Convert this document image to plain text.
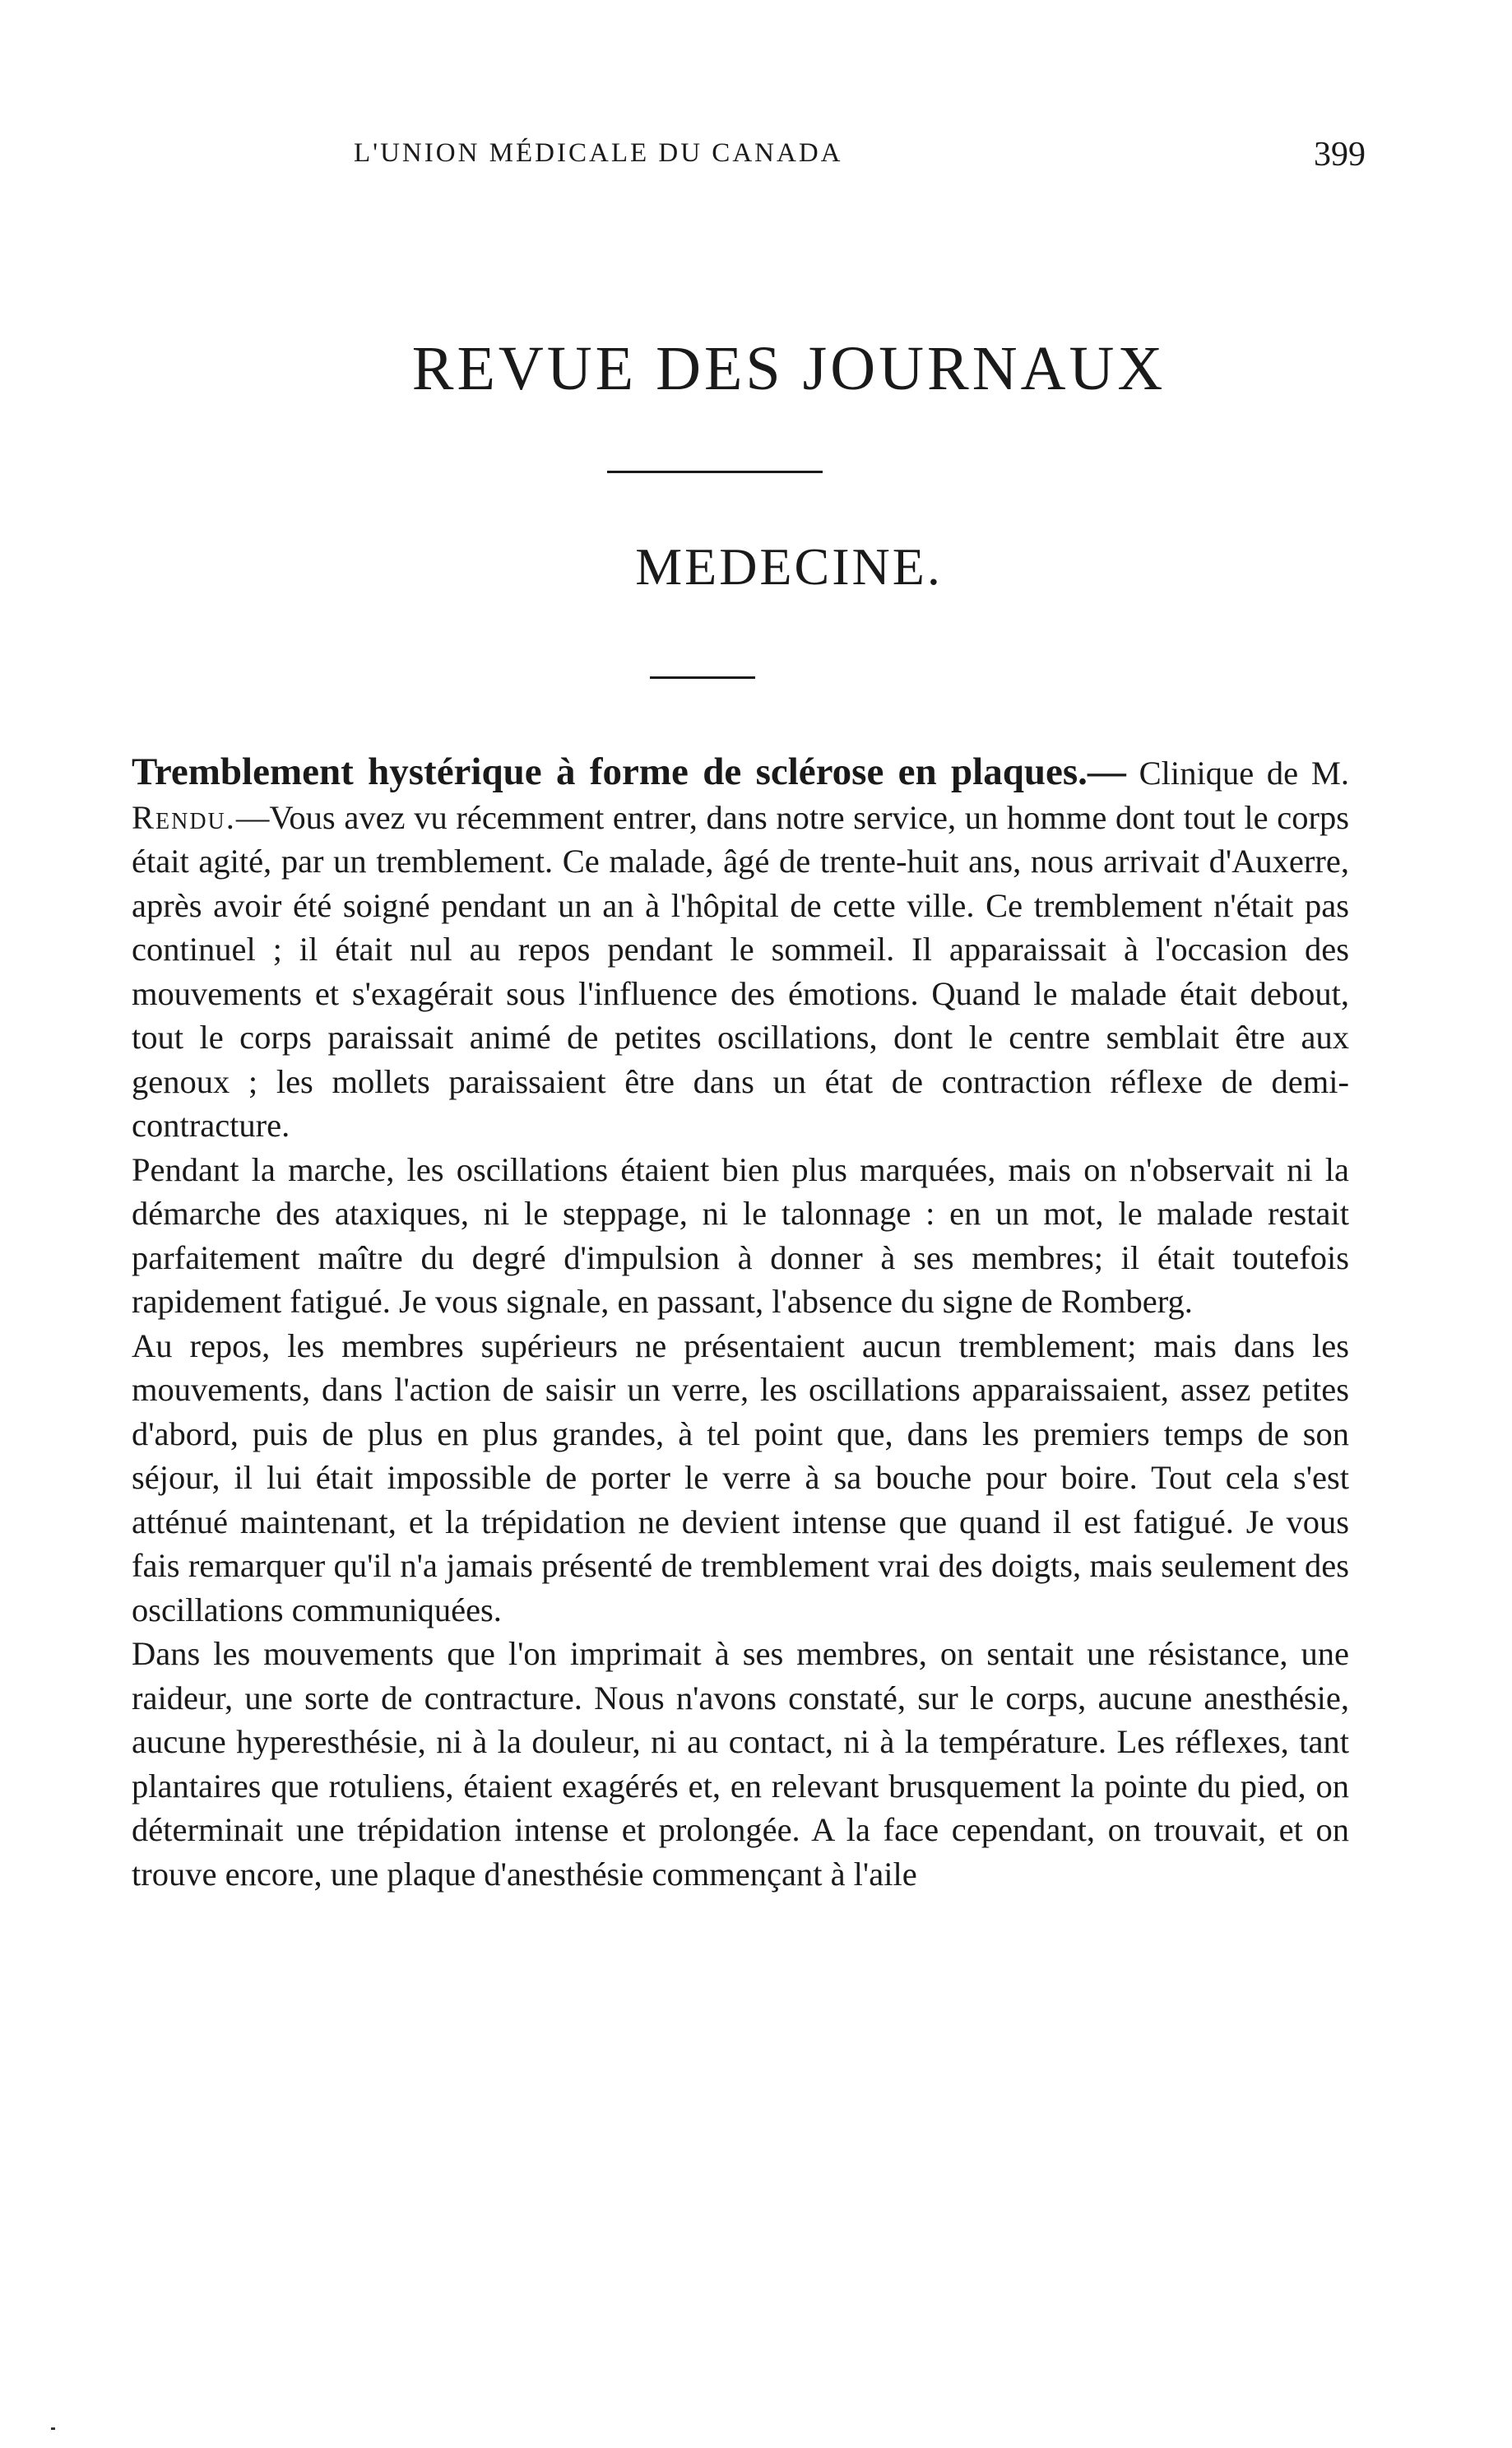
L'UNION MÉDICALE DU CANADA	399
REVUE DES JOURNAUX
MEDECINE.

Tremblement hystérique à forme de sclérose en plaques.— Clinique de M. Rendu.—Vous avez vu récemment entrer, dans notre service, un homme dont tout le corps était agité, par un tremblement. Ce malade, âgé de trente-huit ans, nous arrivait d'Auxerre, après avoir été soigné pendant un an à l'hôpital de cette ville. Ce tremblement n'était pas continuel ; il était nul au repos pendant le sommeil. Il apparaissait à l'occasion des mouvements et s'exagérait sous l'influence des émotions. Quand le malade était debout, tout le corps paraissait animé de petites oscillations, dont le centre semblait être aux genoux ; les mollets paraissaient être dans un état de contraction réflexe de demi-contracture.

Pendant la marche, les oscillations étaient bien plus marquées, mais on n'observait ni la démarche des ataxiques, ni le steppage, ni le talonnage : en un mot, le malade restait parfaitement maître du degré d'impulsion à donner à ses membres; il était toutefois rapidement fatigué. Je vous signale, en passant, l'absence du signe de Romberg.

Au repos, les membres supérieurs ne présentaient aucun tremblement; mais dans les mouvements, dans l'action de saisir un verre, les oscillations apparaissaient, assez petites d'abord, puis de plus en plus grandes, à tel point que, dans les premiers temps de son séjour, il lui était impossible de porter le verre à sa bouche pour boire. Tout cela s'est atténué maintenant, et la trépidation ne devient intense que quand il est fatigué. Je vous fais remarquer qu'il n'a jamais présenté de tremblement vrai des doigts, mais seulement des oscillations communiquées.

Dans les mouvements que l'on imprimait à ses membres, on sentait une résistance, une raideur, une sorte de contracture. Nous n'avons constaté, sur le corps, aucune anesthésie, aucune hyperesthésie, ni à la douleur, ni au contact, ni à la température. Les réflexes, tant plantaires que rotuliens, étaient exagérés et, en relevant brusquement la pointe du pied, on déterminait une trépidation intense et prolongée. A la face cependant, on trouvait, et on trouve encore, une plaque d'anesthésie commençant à l'aile
